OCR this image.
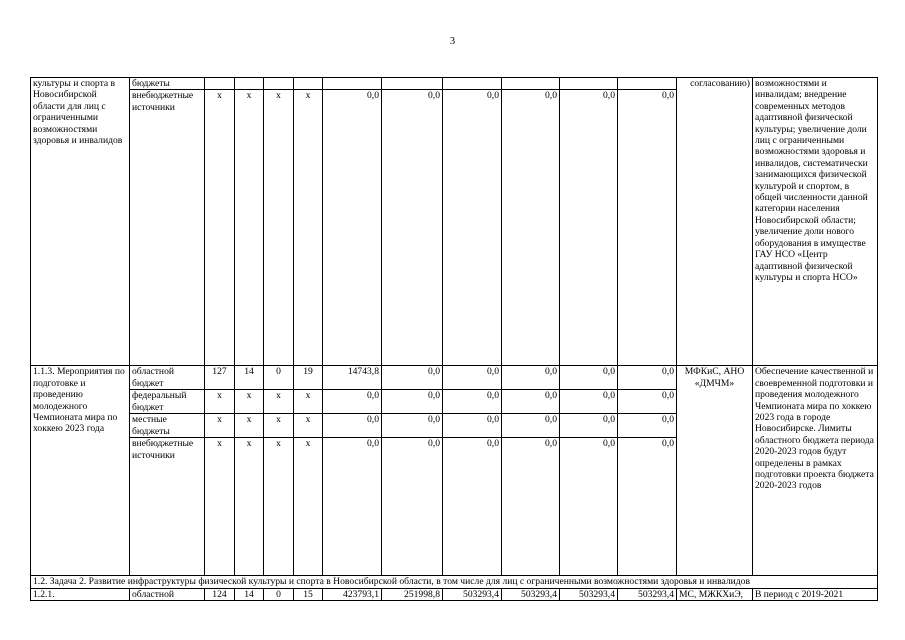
3
культуры и спорта в Новосибирской области для лиц с ограниченными возможностями здоровья и инвалидов	бюджеты											согласованию)	возможностями и инвалидам; внедрение современных методов адаптивной физической культуры; увеличение доли лиц с ограниченными возможностями здоровья и инвалидов, систематически занимающихся физической культурой и спортом, в общей численности данной категории населения Новосибирской области; увеличение доли нового оборудования в имуществе ГАУ НСО «Центр адаптивной физической культуры и спорта НСО»
	внебюджетные источники	x	x	x	x	0,0	0,0	0,0	0,0	0,0	0,0		
1.1.3. Мероприятия по подготовке и проведению молодежного Чемпионата мира по хоккею 2023 года	областной бюджет	127	14	0	19	14743,8	0,0	0,0	0,0	0,0	0,0	МФКиС, АНО «ДМЧМ»	Обеспечение качественной и своевременной подготовки и проведения молодежного Чемпионата мира по хоккею 2023 года в городе Новосибирске. Лимиты областного бюджета периода 2020-2023 годов будут определены в рамках подготовки проекта бюджета 2020-2023 годов
	федеральный бюджет	x	x	x	x	0,0	0,0	0,0	0,0	0,0	0,0		
	местные бюджеты	x	x	x	x	0,0	0,0	0,0	0,0	0,0	0,0		
	внебюджетные источники	x	x	x	x	0,0	0,0	0,0	0,0	0,0	0,0		
1.2. Задача 2. Развитие инфраструктуры физической культуры и спорта в Новосибирской области, в том числе для лиц с ограниченными возможностями здоровья и инвалидов													

1.2.1.	областной	124	14	0	15	423793,1	251998,8	503293,4	503293,4	503293,4	503293,4	МС, МЖКХиЭ,	В период с 2019-2021
